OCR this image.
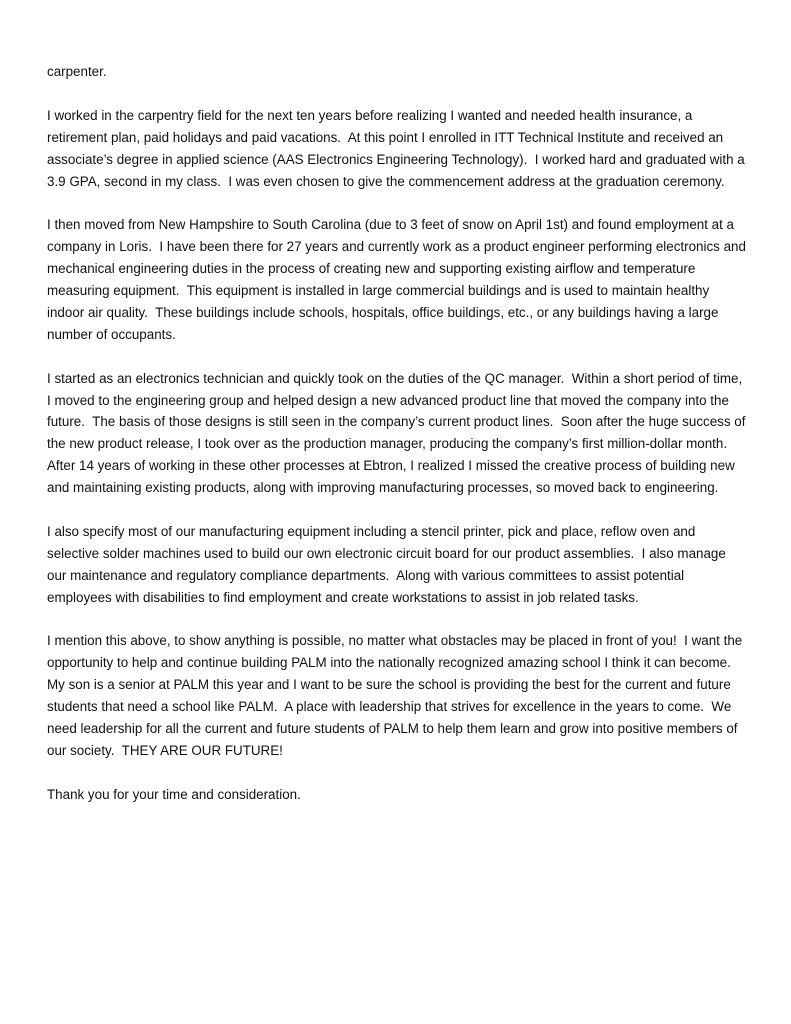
carpenter.

I worked in the carpentry field for the next ten years before realizing I wanted and needed health insurance, a retirement plan, paid holidays and paid vacations.  At this point I enrolled in ITT Technical Institute and received an associate’s degree in applied science (AAS Electronics Engineering Technology).  I worked hard and graduated with a 3.9 GPA, second in my class.  I was even chosen to give the commencement address at the graduation ceremony.

I then moved from New Hampshire to South Carolina (due to 3 feet of snow on April 1st) and found employment at a company in Loris.  I have been there for 27 years and currently work as a product engineer performing electronics and mechanical engineering duties in the process of creating new and supporting existing airflow and temperature measuring equipment.  This equipment is installed in large commercial buildings and is used to maintain healthy indoor air quality.  These buildings include schools, hospitals, office buildings, etc., or any buildings having a large number of occupants.

I started as an electronics technician and quickly took on the duties of the QC manager.  Within a short period of time, I moved to the engineering group and helped design a new advanced product line that moved the company into the future.  The basis of those designs is still seen in the company’s current product lines.  Soon after the huge success of the new product release, I took over as the production manager, producing the company’s first million-dollar month.  After 14 years of working in these other processes at Ebtron, I realized I missed the creative process of building new and maintaining existing products, along with improving manufacturing processes, so moved back to engineering.

I also specify most of our manufacturing equipment including a stencil printer, pick and place, reflow oven and selective solder machines used to build our own electronic circuit board for our product assemblies.  I also manage our maintenance and regulatory compliance departments.  Along with various committees to assist potential employees with disabilities to find employment and create workstations to assist in job related tasks.

I mention this above, to show anything is possible, no matter what obstacles may be placed in front of you!  I want the opportunity to help and continue building PALM into the nationally recognized amazing school I think it can become.  My son is a senior at PALM this year and I want to be sure the school is providing the best for the current and future students that need a school like PALM.  A place with leadership that strives for excellence in the years to come.  We need leadership for all the current and future students of PALM to help them learn and grow into positive members of our society.  THEY ARE OUR FUTURE!

Thank you for your time and consideration.
